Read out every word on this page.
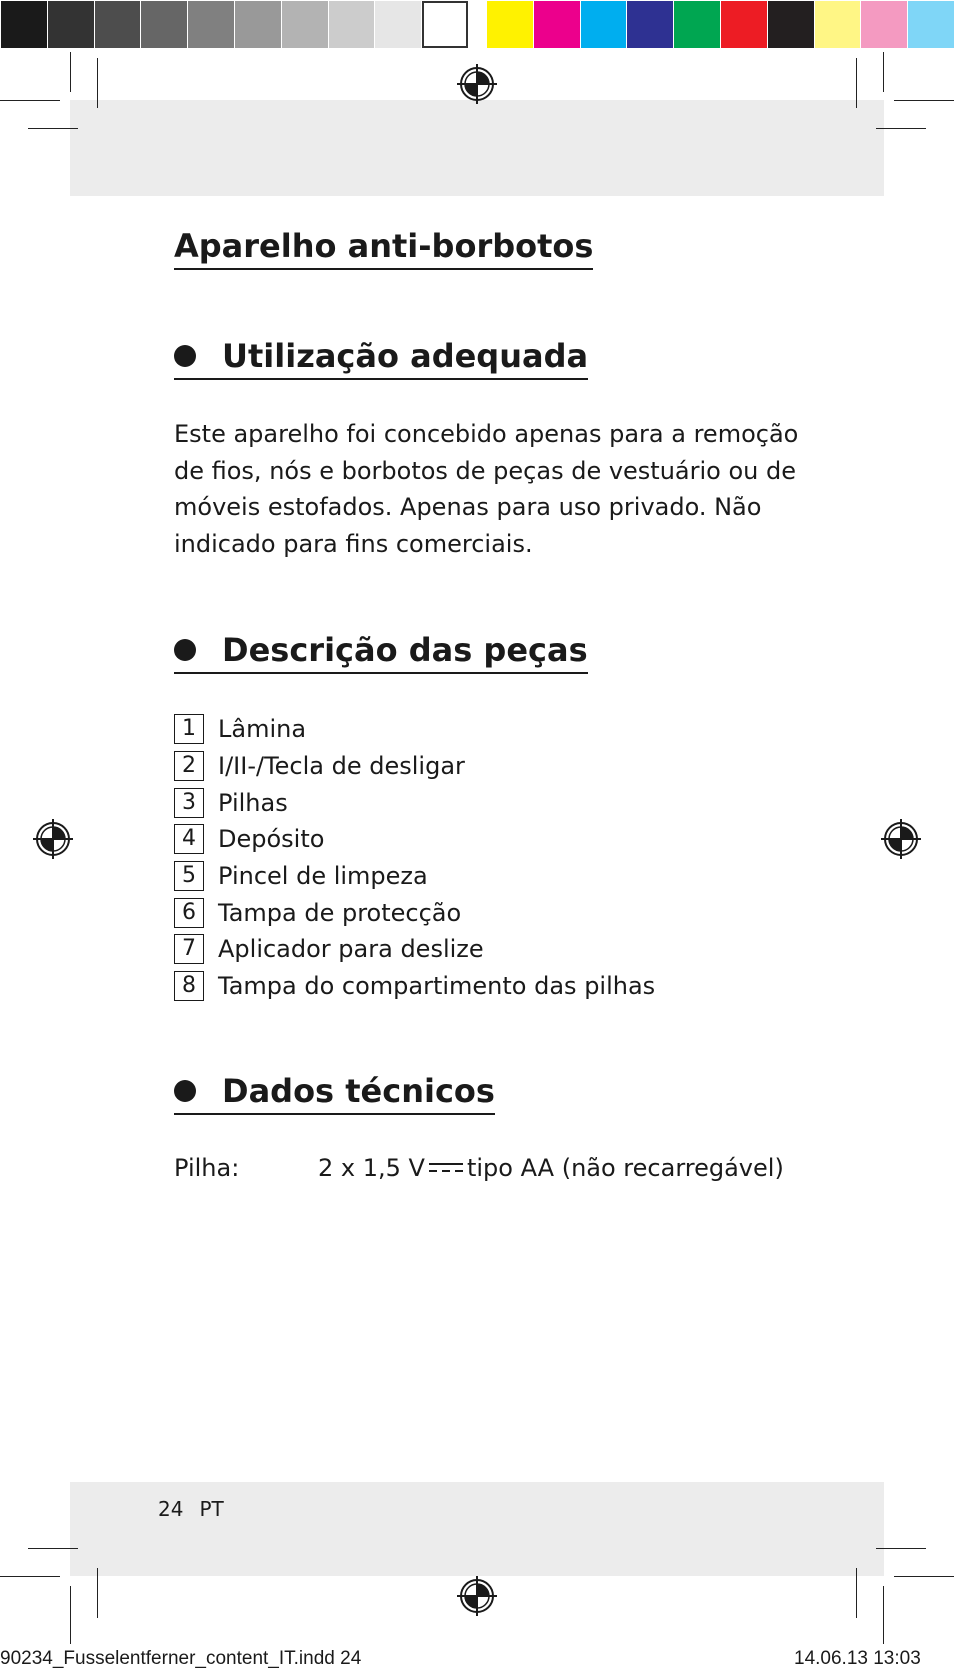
Aparelho anti-borbotos
Utilização adequada

Este aparelho foi concebido apenas para a remoção
de fios, nós e borbotos de peças de vestuário ou de
móveis estofados. Apenas para uso privado. Não
indicado para fins comerciais.

Descrição das peças
1 Lâmina
2 I/II-/Tecla de desligar
3 Pilhas
4 Depósito
5 Pincel de limpeza
6 Tampa de protecção
7 Aplicador para deslize
8 Tampa do compartimento das pilhas
Dados técnicos
Pilha:	2 x 1,5 V tipo AA (não recarregável)
24 PT
90234_Fusselentferner_content_IT.indd 24	14.06.13 13:03
